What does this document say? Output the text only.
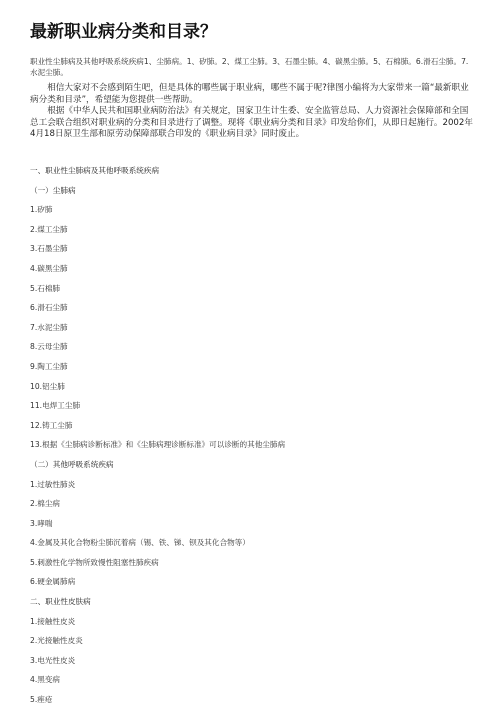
最新职业病分类和目录？

职业性尘肺病及其他呼吸系统疾病1、尘肺病。1、矽肺。2、煤工尘肺。3、石墨尘肺。4、碳黑尘肺。5、石棉肺。6.滑石尘肺。7.水泥尘肺。

相信大家对不会感到陌生吧，但是具体的哪些属于职业病，哪些不属于呢?律图小编将为大家带来一篇“最新职业病分类和目录”，希望能为您提供一些帮助。

根据《中华人民共和国职业病防治法》有关规定，国家卫生计生委、安全监管总局、人力资源社会保障部和全国总工会联合组织对职业病的分类和目录进行了调整。现将《职业病分类和目录》印发给你们，从即日起施行。2002年4月18日原卫生部和原劳动保障部联合印发的《职业病目录》同时废止。

一、职业性尘肺病及其他呼吸系统疾病
（一）尘肺病
1.矽肺
2.煤工尘肺
3.石墨尘肺
4.碳黑尘肺
5.石棉肺
6.滑石尘肺
7.水泥尘肺
8.云母尘肺
9.陶工尘肺
10.铝尘肺
11.电焊工尘肺
12.铸工尘肺
13.根据《尘肺病诊断标准》和《尘肺病理诊断标准》可以诊断的其他尘肺病
（二）其他呼吸系统疾病
1.过敏性肺炎
2.棉尘病
3.哮喘
4.金属及其化合物粉尘肺沉着病（锡、铁、锑、钡及其化合物等）
5.刺激性化学物所致慢性阻塞性肺疾病
6.硬金属肺病
二、职业性皮肤病
1.接触性皮炎
2.光接触性皮炎
3.电光性皮炎
4.黑变病
5.痤疮
